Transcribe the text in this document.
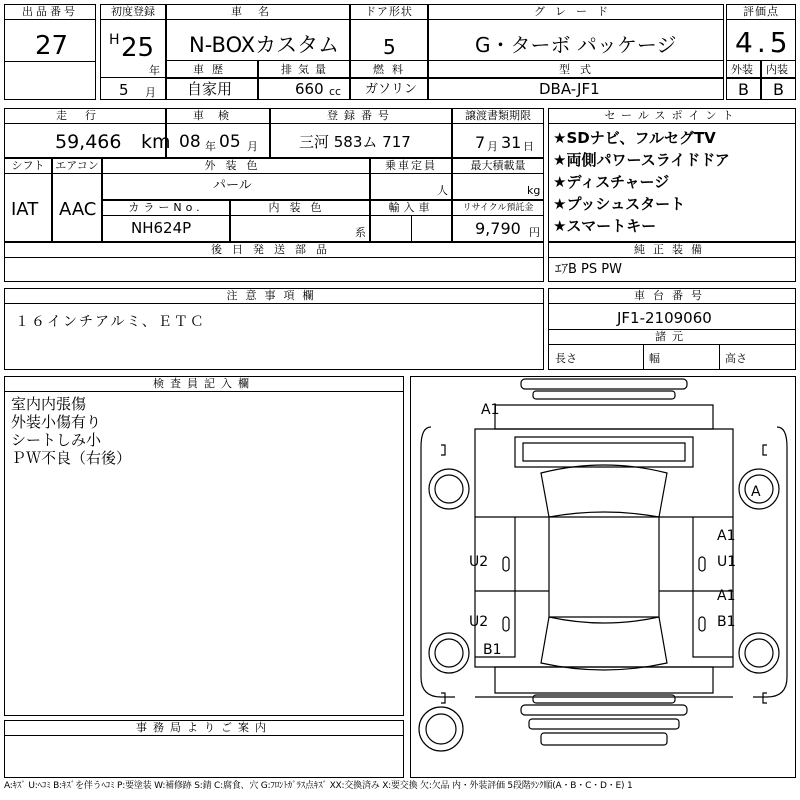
出品番号
27
初度登録
H 25
年
5 月
車名
N-BOXカスタム
ドア形状
5
グレード
G・ターボ パッケージ
評価点
4.5
車歴
自家用
排気量
660 cc
燃料
ガソリン
型式
DBA-JF1
外装 内装
B B
走行
59,466 km
車検
08 年 05 月
登録番号
三河 583ム 717
譲渡書類期限
7 月 31 日
シフト
IAT
エアコン
AAC
外装色
パール
乗車定員
人
最大積載量
kg
カラーNo.
NH624P
内装色
系
輸入車	リサイクル預託金
9,790 円
後日発送部品
セールスポイント
★SDナビ、フルセグTV
★両側パワースライドドア
★ディスチャージ
★プッシュスタート
★スマートキー
純正装備
ｴｱB PS PW
注意事項欄
１６インチアルミ、ＥＴＣ
車台番号
JF1-2109060
諸元
長さ	幅	高さ
検査員記入欄
室内内張傷
外装小傷有り
シートしみ小
ＰＷ不良（右後）
事務局よりご案内
A1
A
U2
U2
B1
A1
U1
A1
B1
A:ｷｽﾞ U:ﾍｺﾐ B:ｷｽﾞを伴うﾍｺﾐ P:要塗装 W:補修跡 S:錆 C:腐食、穴 G:ﾌﾛﾝﾄｶﾞﾗｽ点ｷｽﾞ XX:交換済み X:要交換 欠:欠品 内・外装評価 5段階ﾗﾝｸ順(A・B・C・D・E) 1
